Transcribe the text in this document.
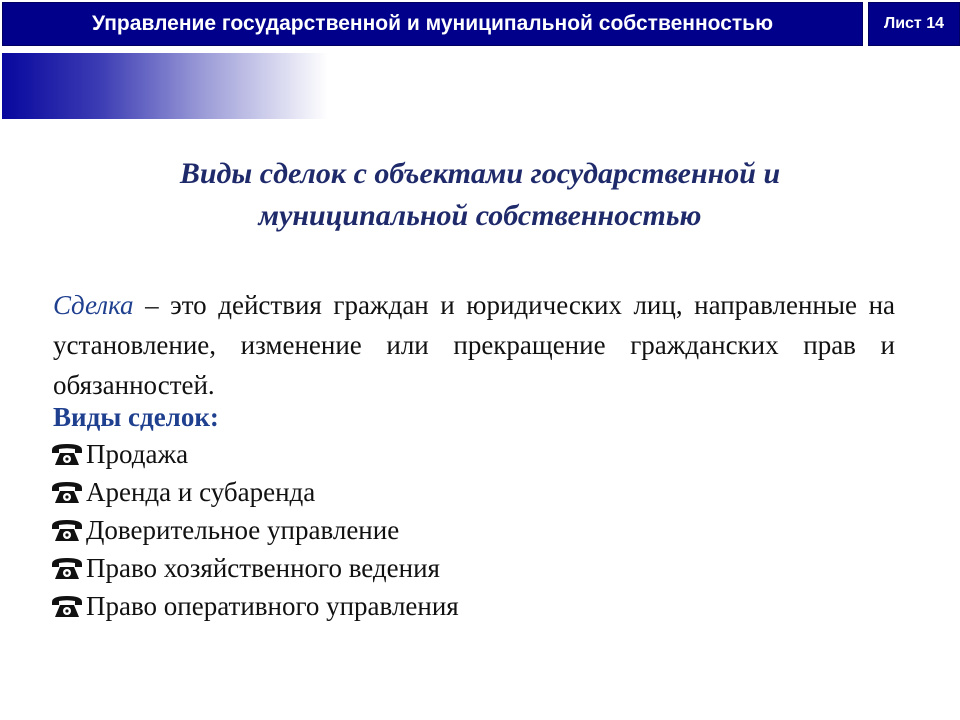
Управление государственной и муниципальной собственностью	Лист 14
Виды сделок с объектами государственной и
муниципальной собственностью

Сделка – это действия граждан и юридических лиц, направленные на установление, изменение или прекращение гражданских прав и обязанностей.

Виды сделок:

Продажа
Аренда и субаренда
Доверительное управление
Право хозяйственного ведения
Право оперативного управления
